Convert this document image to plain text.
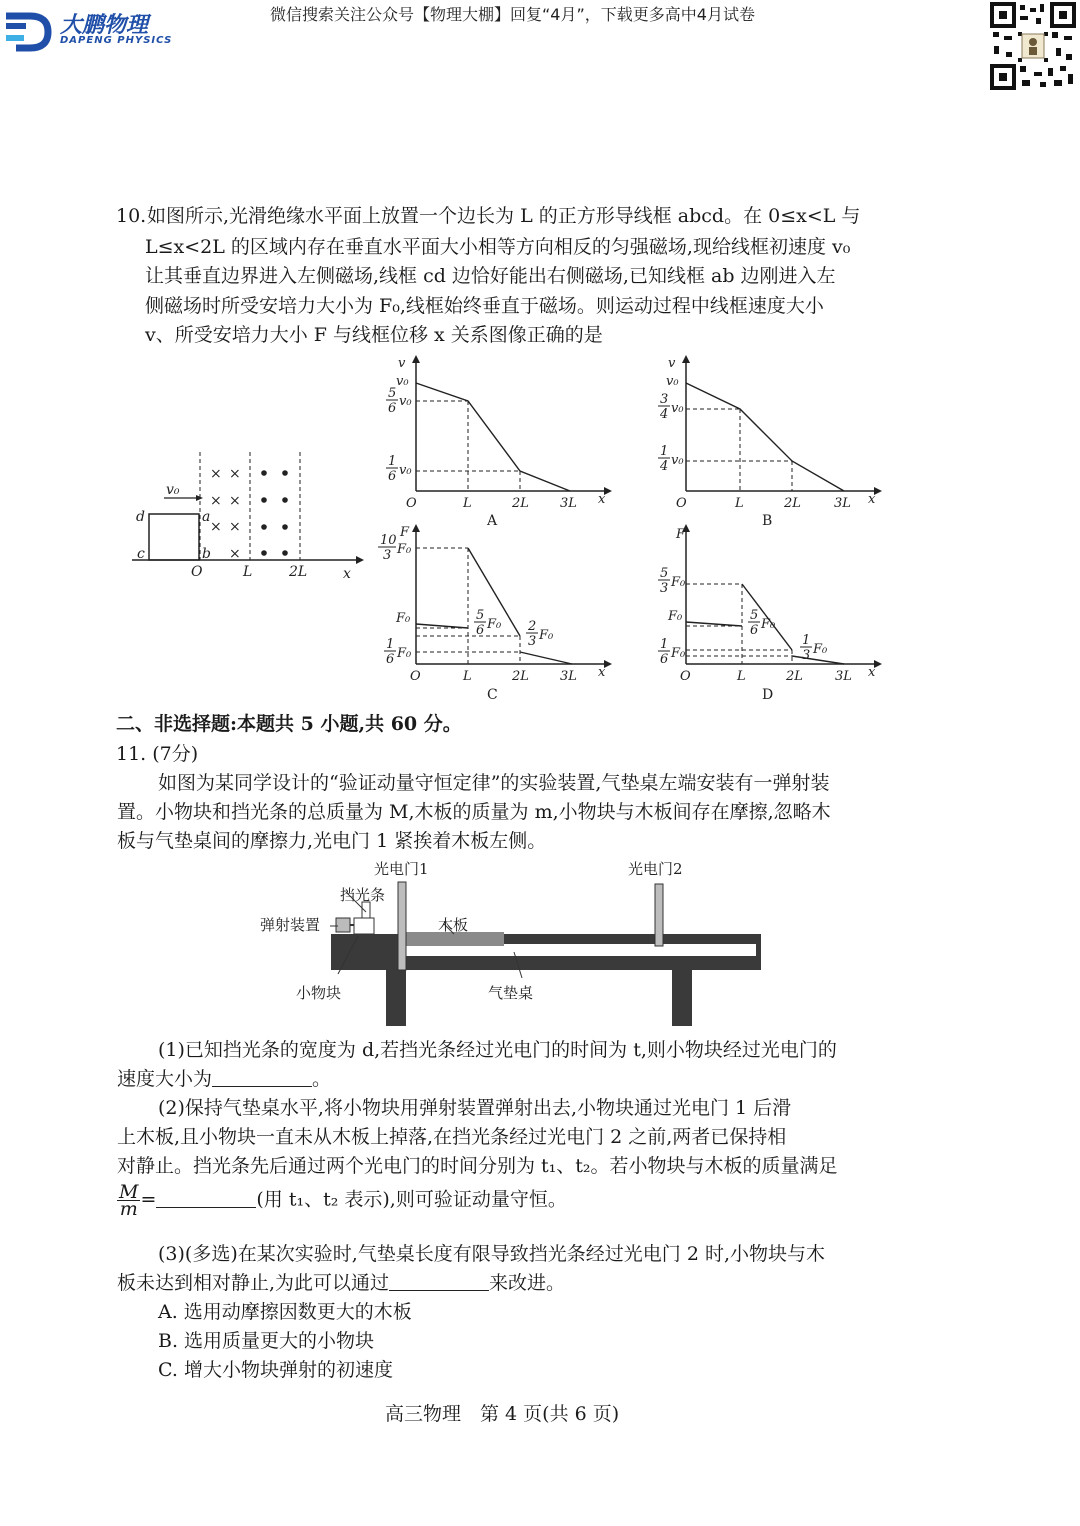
大鹏物理
DAPENG PHYSICS
微信搜索关注公众号【物理大棚】回复“4月”，下载更多高中4月试卷
10. 如图所示,光滑绝缘水平面上放置一个边长为 L 的正方形导线框 abcd。在 0≤x<L 与
L≤x<2L 的区域内存在垂直水平面大小相等方向相反的匀强磁场,现给线框初速度 v₀
让其垂直边界进入左侧磁场,线框 cd 边恰好能出右侧磁场,已知线框 ab 边刚进入左
侧磁场时所受安培力大小为 F₀,线框始终垂直于磁场。则运动过程中线框速度大小
v、所受安培力大小 F 与线框位移 x 关系图像正确的是
× ×
× ×
× ×
×
v₀
d	a
c	b
O	L	2L	x
v
v₀
5
6 v₀
1
6 v₀
O	L	2L 3L x
A
v
v₀
3
4 v₀
1
4 v₀
O	L	2L	3L x
B
F
10
3 F₀
F₀	5
6 F₀ 2
3 F₀
1
6 F₀
O	L	2L 3L x
C
F
5
3 F₀
F₀	5
6 F₀
1
3 F₀
1
6 F₀
O	L	2L 3L x
D
二、非选择题:本题共 5 小题,共 60 分。
11. (7分)
如图为某同学设计的“验证动量守恒定律”的实验装置,气垫桌左端安装有一弹射装
置。小物块和挡光条的总质量为 M,木板的质量为 m,小物块与木板间存在摩擦,忽略木
板与气垫桌间的摩擦力,光电门 1 紧挨着木板左侧。
光电门1	光电门2
挡光条
弹射装置	木板
小物块	气垫桌
(1)已知挡光条的宽度为 d,若挡光条经过光电门的时间为 t,则小物块经过光电门的
速度大小为	。
(2)保持气垫桌水平,将小物块用弹射装置弹射出去,小物块通过光电门 1 后滑
上木板,且小物块一直未从木板上掉落,在挡光条经过光电门 2 之前,两者已保持相
对静止。挡光条先后通过两个光电门的时间分别为 t₁、t₂。若小物块与木板的质量满足
$\frac{M}{m}$ =	(用 t₁、t₂ 表示),则可验证动量守恒。
(3)(多选)在某次实验时,气垫桌长度有限导致挡光条经过光电门 2 时,小物块与木
板未达到相对静止,为此可以通过	来改进。
A. 选用动摩擦因数更大的木板
B. 选用质量更大的小物块
C. 增大小物块弹射的初速度
高三物理　第 4 页(共 6 页)
